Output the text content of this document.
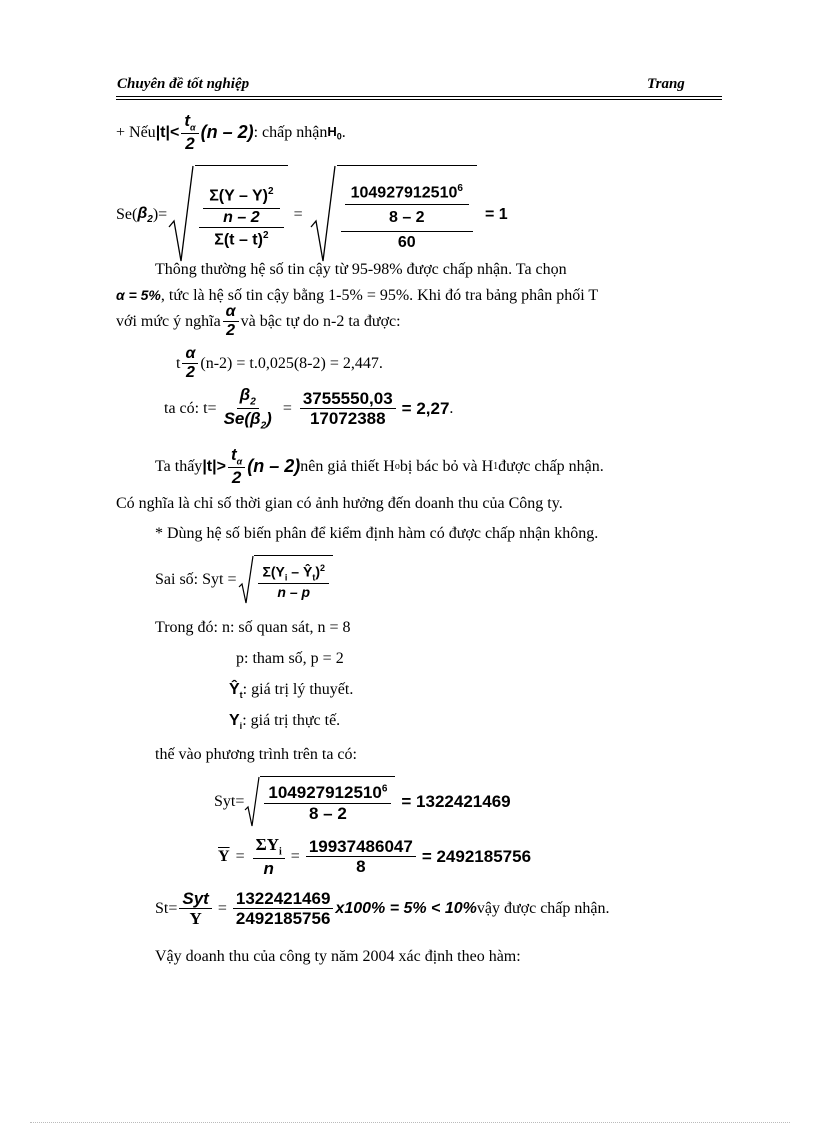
Chuyên đề tốt nghiệp	Trang
+ Nếu $|t|< \frac{t_\alpha}{2} (n - 2)$ : chấp nhận $H_0$ .
Se( $\beta_2$ )= $\frac{\frac{\Sigma(Y - Y)^2}{n - 2}}{\Sigma(t - t)^2} = \frac{\frac{104927912510^6}{8 - 2}}{60} = 1$
Thông thường hệ số tin cậy từ 95-98% được chấp nhận. Ta chọn
α = 5%, tức là hệ số tin cậy bằng 1-5% = 95%. Khi đó tra bảng phân phối T
với mức ý nghĩa $\frac{\alpha}{2}$ và bậc tự do n-2 ta được:
t $\frac{\alpha}{2} (n-2) = t.0,025(8-2) = 2,447$.
ta có: $t= \frac{\beta_2}{Se(\beta_2)} = \frac{3755550,03}{17072388} = 2,27$ .
Ta thấy $|t|> \frac{t_\alpha}{2} (n - 2)$ nên giả thiết H o bị bác bỏ và H 1 được chấp nhận.
Có nghĩa là chỉ số thời gian có ảnh hưởng đến doanh thu của Công ty.
* Dùng hệ số biến phân để kiểm định hàm có được chấp nhận không.
Sai số: Syt = $\frac{\Sigma(Y_i - Ŷ_t)^2}{n - p}$
Trong đó: n: số quan sát, n = 8
p: tham số, p = 2
$Ŷ_t$: giá trị lý thuyết.
$Y_i$: giá trị thực tế.
thế vào phương trình trên ta có:
$Syt= \frac{104927912510^6}{8 - 2} = 1322421469$
$\overline{Y} = \frac{\Sigma Y_i}{n} = \frac{19937486047}{8} = 2492185756$
$St= \frac{\text{Syt}}{Y} = \frac{1322421469}{2492185756} x100\% = 5\% < 10\%$ vậy được chấp nhận.
Vậy doanh thu của công ty năm 2004 xác định theo hàm:
